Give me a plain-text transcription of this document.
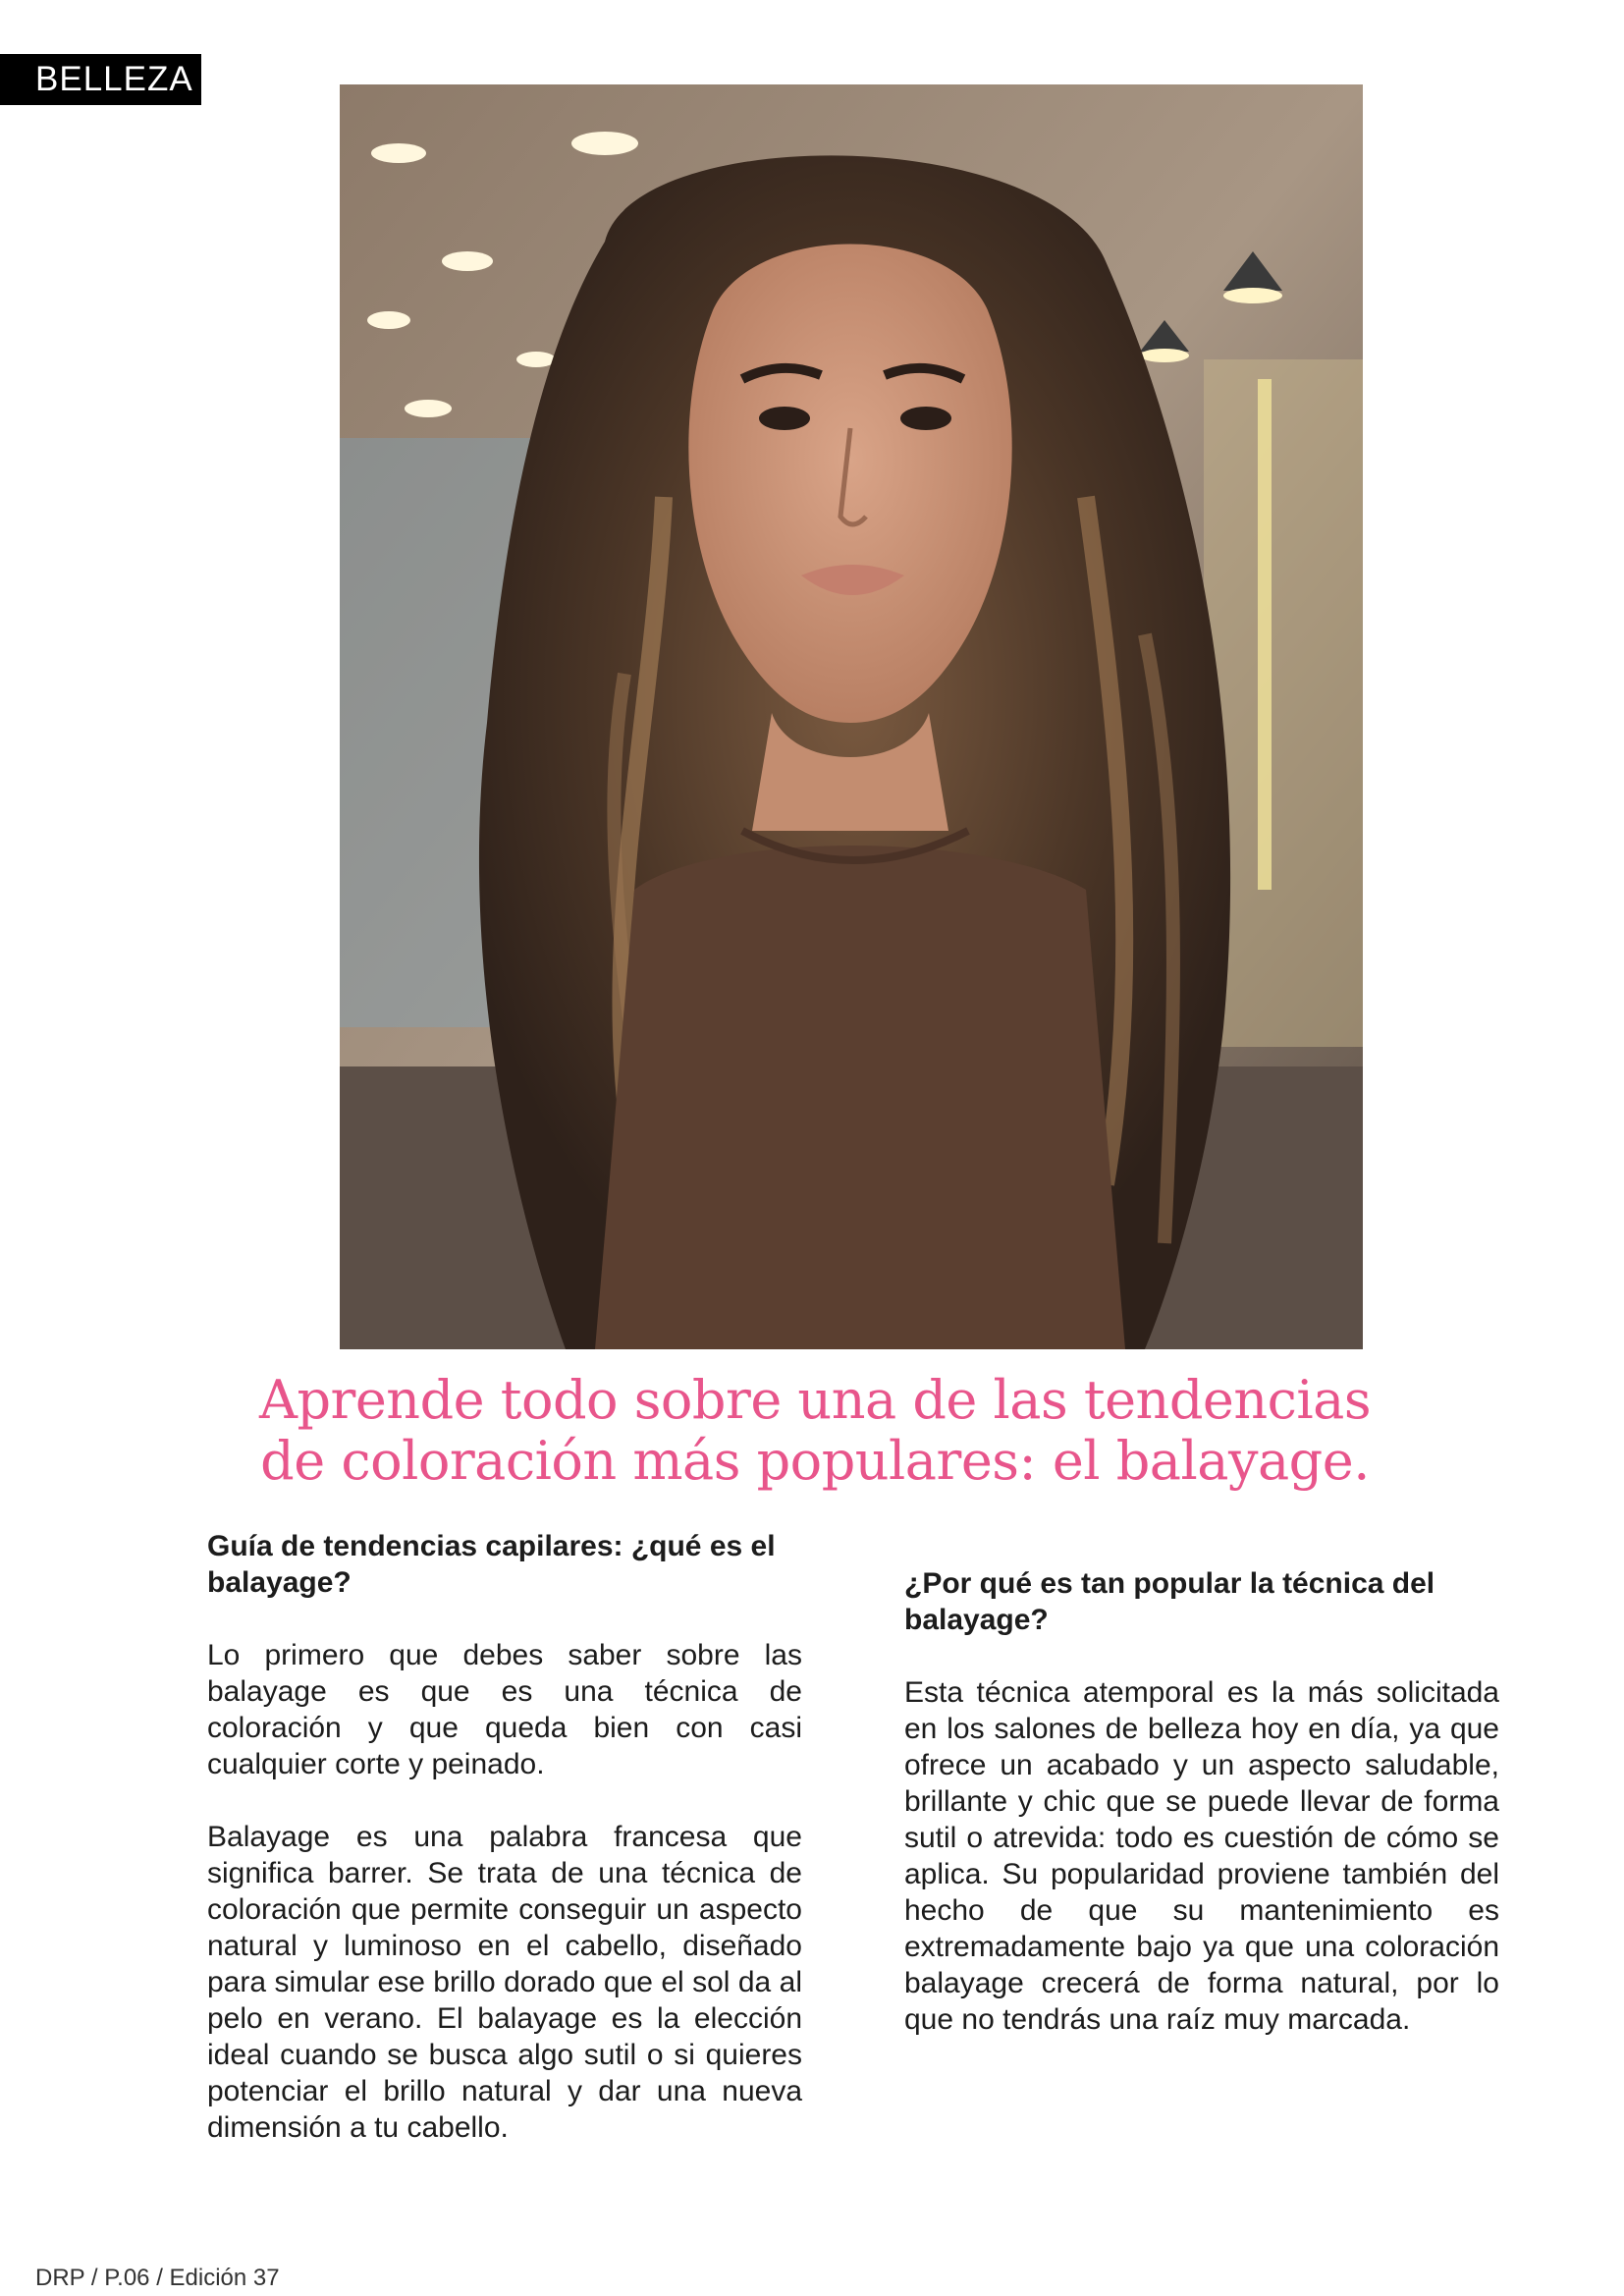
BELLEZA
Aprende todo sobre una de las tendencias
de coloración más populares: el balayage.
Guía de tendencias capilares: ¿qué es el balayage?

Lo primero que debes saber sobre las balayage es que es una técnica de coloración y que queda bien con casi cualquier corte y peinado.

Balayage es una palabra francesa que significa barrer. Se trata de una técnica de coloración que permite conseguir un aspecto natural y luminoso en el cabello, diseñado para simular ese brillo dorado que el sol da al pelo en verano. El balayage es la elección ideal cuando se busca algo sutil o si quieres potenciar el brillo natural y dar una nueva dimensión a tu cabello.

¿Por qué es tan popular la técnica del balayage?

Esta técnica atemporal es la más solicitada en los salones de belleza hoy en día, ya que ofrece un acabado y un aspecto saludable, brillante y chic que se puede llevar de forma sutil o atrevida: todo es cuestión de cómo se aplica. Su popularidad proviene también del hecho de que su mantenimiento es extremadamente bajo ya que una coloración balayage crecerá de forma natural, por lo que no tendrás una raíz muy marcada.

DRP / P.06 / Edición 37
